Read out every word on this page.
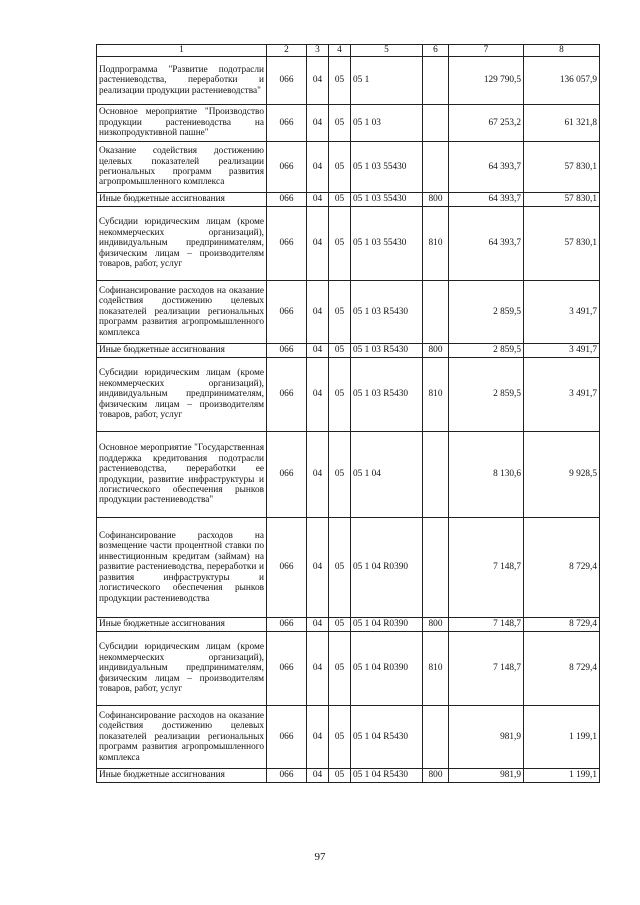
1	2	3	4	5	6	7	8
Подпрограмма "Развитие подотрасли растениеводства, переработки и реализации продукции растениеводства"	066	04	05	05 1		129 790,5	136 057,9
Основное мероприятие "Производство продукции растениеводства на низкопродуктивной пашне"	066	04	05	05 1 03		67 253,2	61 321,8
Оказание содействия достижению целевых показателей реализации региональных программ развития агропромышленного комплекса	066	04	05	05 1 03 55430		64 393,7	57 830,1
Иные бюджетные ассигнования	066	04	05	05 1 03 55430	800	64 393,7	57 830,1
Субсидии юридическим лицам (кроме некоммерческих организаций), индивидуальным предпринимателям, физическим лицам – производителям товаров, работ, услуг	066	04	05	05 1 03 55430	810	64 393,7	57 830,1
Софинансирование расходов на оказание содействия достижению целевых показателей реализации региональных программ развития агропромышленного комплекса	066	04	05	05 1 03 R5430		2 859,5	3 491,7
Иные бюджетные ассигнования	066	04	05	05 1 03 R5430	800	2 859,5	3 491,7
Субсидии юридическим лицам (кроме некоммерческих организаций), индивидуальным предпринимателям, физическим лицам – производителям товаров, работ, услуг	066	04	05	05 1 03 R5430	810	2 859,5	3 491,7
Основное мероприятие "Государственная поддержка кредитования подотрасли растениеводства, переработки ее продукции, развитие инфраструктуры и логистического обеспечения рынков продукции растениеводства"	066	04	05	05 1 04		8 130,6	9 928,5
Софинансирование расходов на возмещение части процентной ставки по инвестиционным кредитам (займам) на развитие растениеводства, переработки и развития инфраструктуры и логистического обеспечения рынков продукции растениеводства	066	04	05	05 1 04 R0390		7 148,7	8 729,4
Иные бюджетные ассигнования	066	04	05	05 1 04 R0390	800	7 148,7	8 729,4
Субсидии юридическим лицам (кроме некоммерческих организаций), индивидуальным предпринимателям, физическим лицам – производителям товаров, работ, услуг	066	04	05	05 1 04 R0390	810	7 148,7	8 729,4
Софинансирование расходов на оказание содействия достижению целевых показателей реализации региональных программ развития агропромышленного комплекса	066	04	05	05 1 04 R5430		981,9	1 199,1
Иные бюджетные ассигнования	066	04	05	05 1 04 R5430	800	981,9	1 199,1
97
